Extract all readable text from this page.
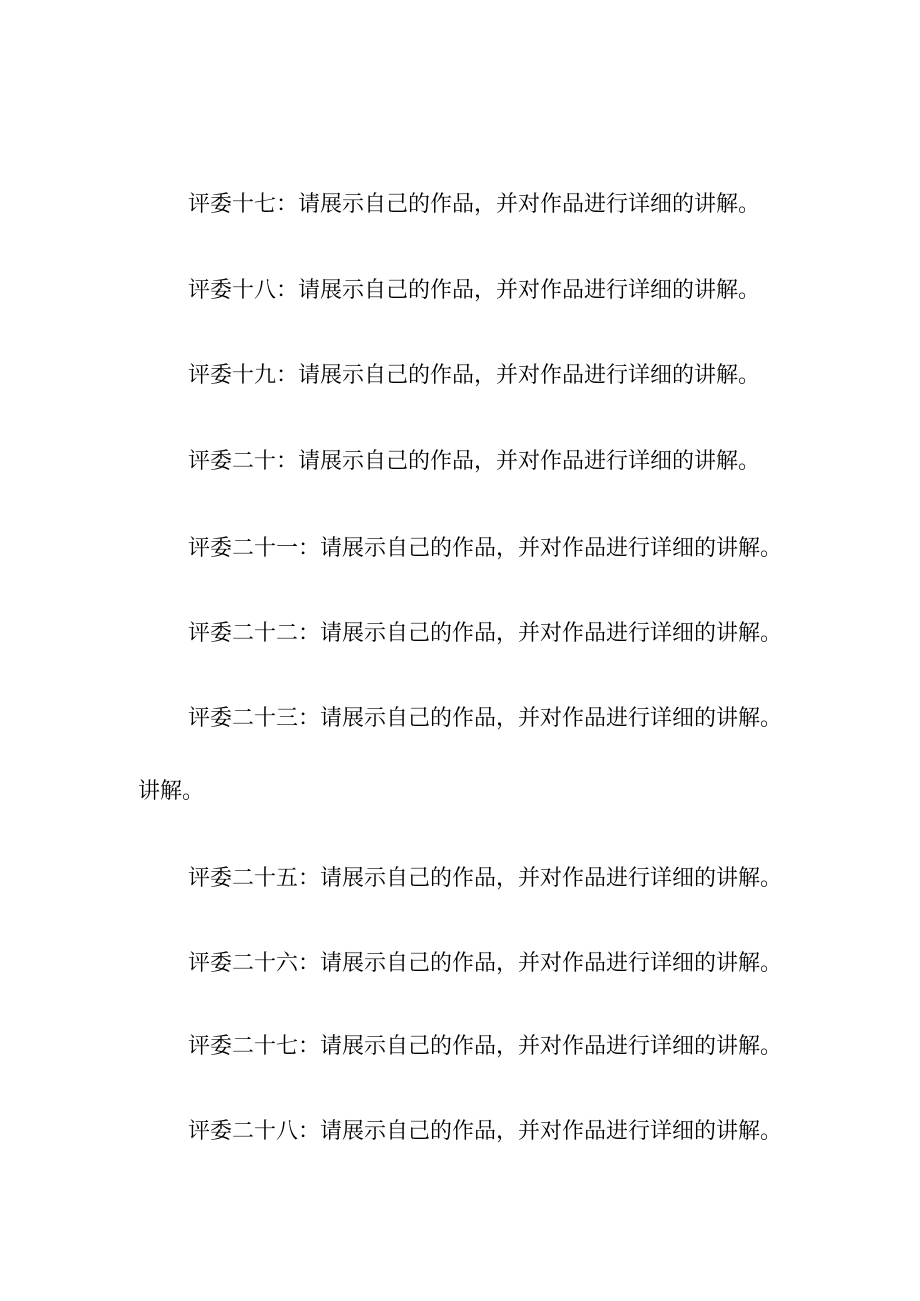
评委十七：请展示自己的作品，并对作品进行详细的讲解。
评委十八：请展示自己的作品，并对作品进行详细的讲解。
评委十九：请展示自己的作品，并对作品进行详细的讲解。
评委二十：请展示自己的作品，并对作品进行详细的讲解。
评委二十一：请展示自己的作品，并对作品进行详细的讲解。
评委二十二：请展示自己的作品，并对作品进行详细的讲解。
评委二十三：请展示自己的作品，并对作品进行详细的讲解。
讲解。
评委二十五：请展示自己的作品，并对作品进行详细的讲解。
评委二十六：请展示自己的作品，并对作品进行详细的讲解。
评委二十七：请展示自己的作品，并对作品进行详细的讲解。
评委二十八：请展示自己的作品，并对作品进行详细的讲解。
